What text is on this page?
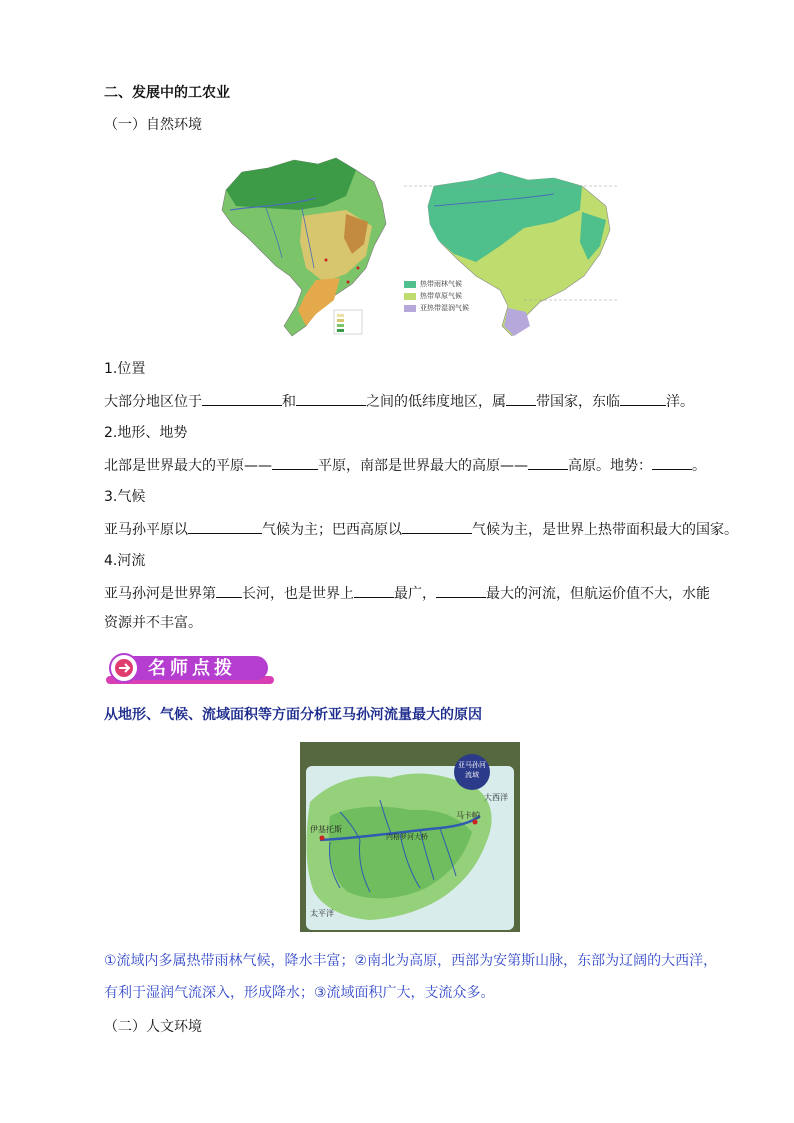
二、发展中的工农业
（一）自然环境
热带雨林气候
热带草原气候
亚热带湿润气候
1.位置
大部分地区位于	和	之间的低纬度地区，属 带国家，东临	洋。
2.地形、地势
北部是世界最大的平原——	平原，南部是世界最大的高原——	高原。地势：	。
3.气候
亚马孙平原以	气候为主；巴西高原以	气候为主，是世界上热带面积最大的国家。
4.河流
亚马孙河是世界第 长河，也是世界上	最广，	最大的河流，但航运价值不大，水能
资源并不丰富。
名师点拨
从地形、气候、流域面积等方面分析亚马孙河流量最大的原因
亚马孙河流域
大西洋
马卡帕
伊基托斯
内格罗河大桥
太平洋
①流域内多属热带雨林气候，降水丰富；②南北为高原，西部为安第斯山脉，东部为辽阔的大西洋，
有利于湿润气流深入，形成降水；③流域面积广大，支流众多。
（二）人文环境
